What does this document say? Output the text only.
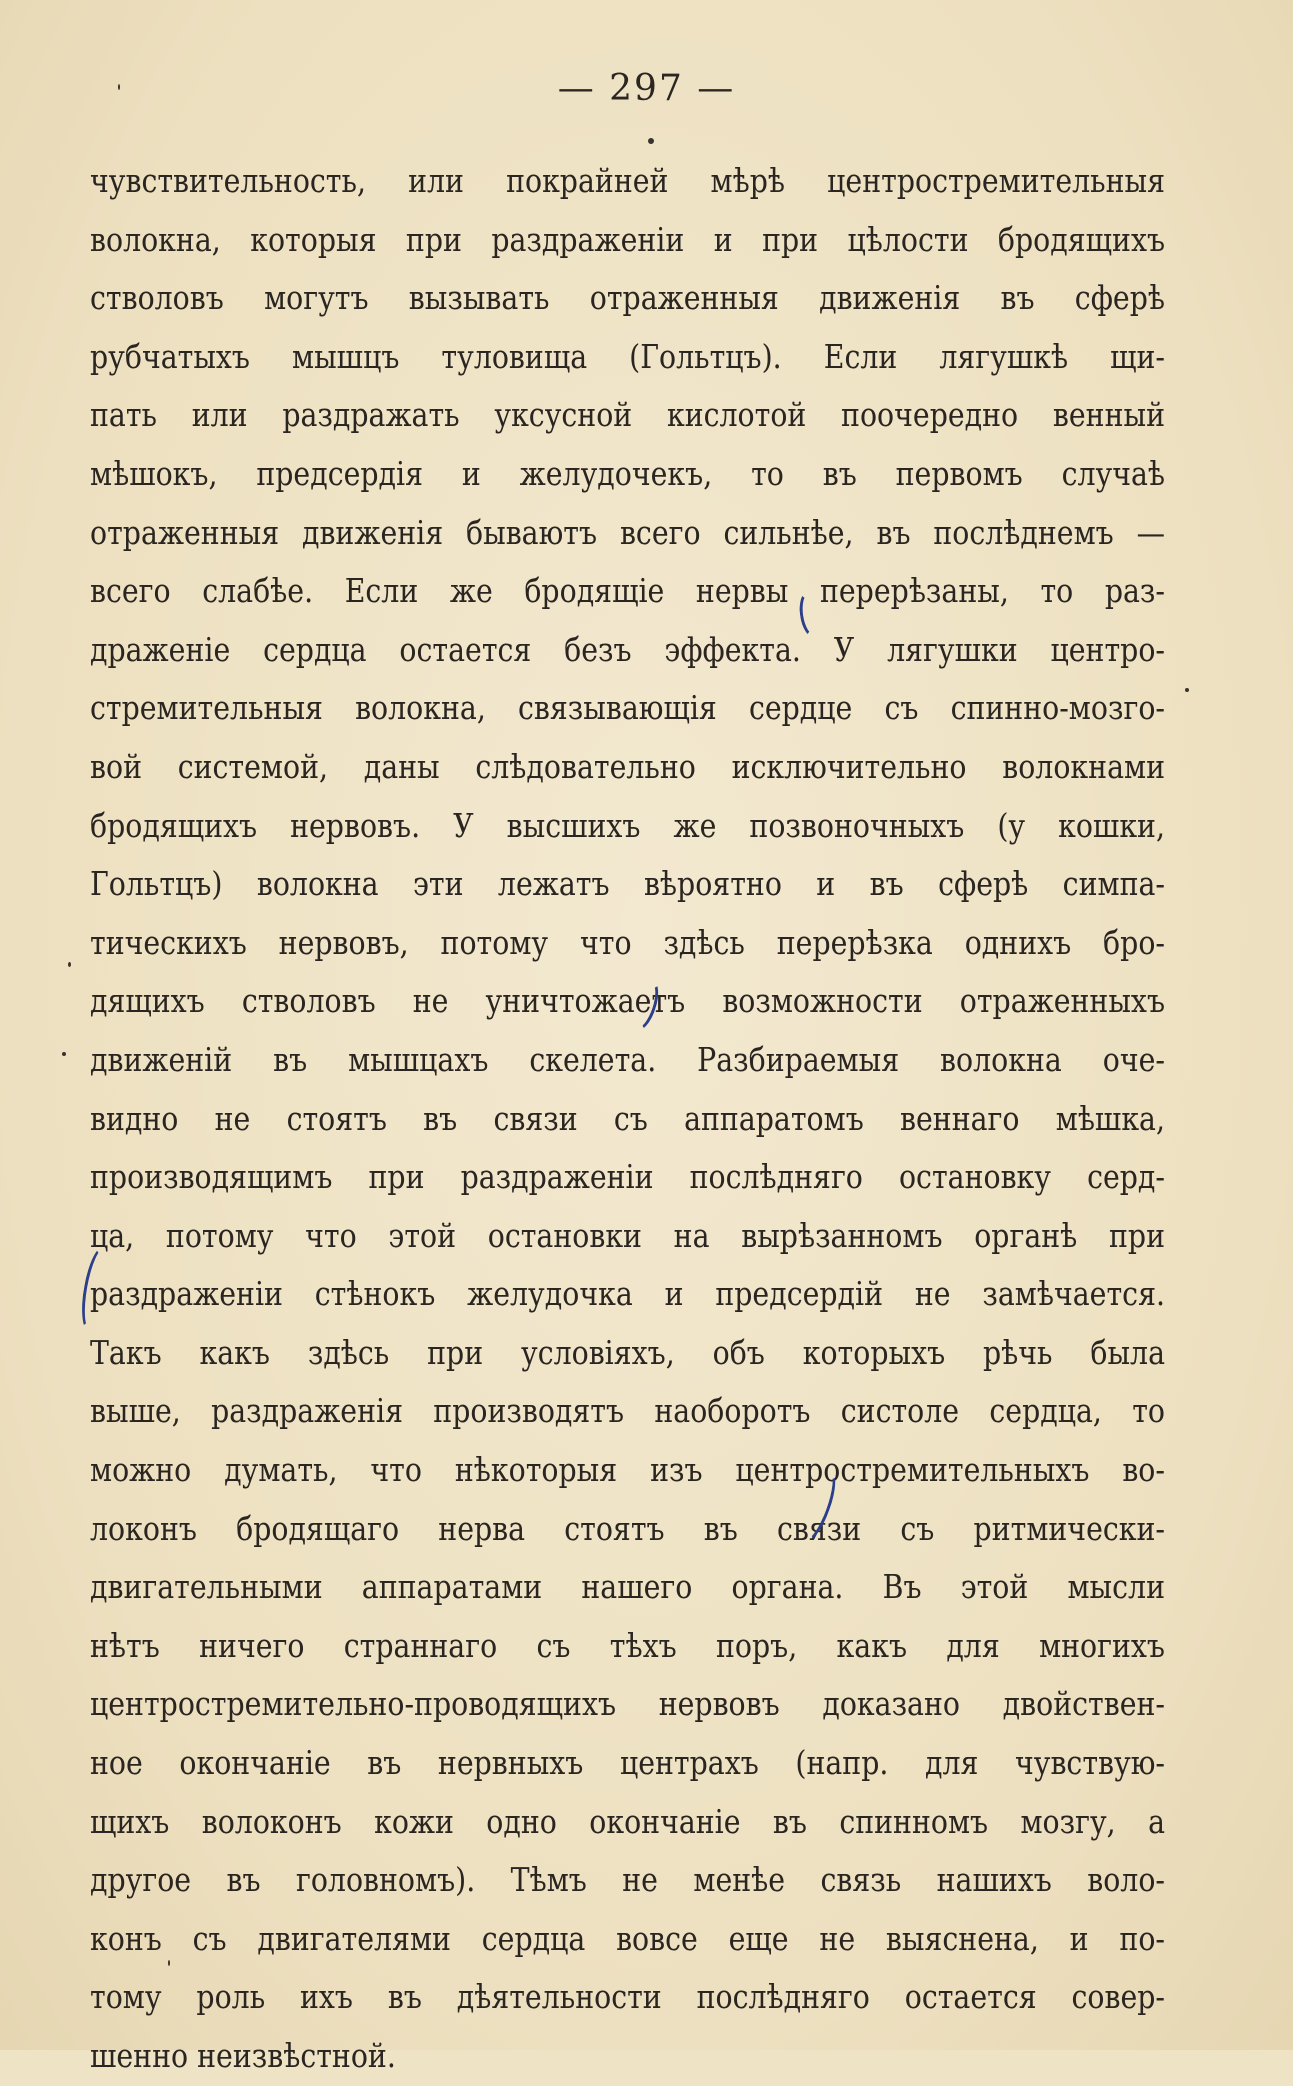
— 297 —
чувствительность, или покрайней мѣрѣ центростремительныя
волокна, которыя при раздраженiи и при цѣлости бродящихъ
стволовъ могутъ вызывать отраженныя движенiя въ сферѣ
рубчатыхъ мышцъ туловища (Гольтцъ). Если лягушкѣ щи-
пать или раздражать уксусной кислотой поочередно венный
мѣшокъ, предсердiя и желудочекъ, то въ первомъ случаѣ
отраженныя движенiя бываютъ всего сильнѣе, въ послѣднемъ —
всего слабѣе. Если же бродящiе нервы перерѣзаны, то раз-
драженiе сердца остается безъ эффекта. У лягушки центро-
стремительныя волокна, связывающiя сердце съ спинно-мозго-
вой системой, даны слѣдовательно исключительно волокнами
бродящихъ нервовъ. У высшихъ же позвоночныхъ (у кошки,
Гольтцъ) волокна эти лежатъ вѣроятно и въ сферѣ симпа-
тическихъ нервовъ, потому что здѣсь перерѣзка однихъ бро-
дящихъ стволовъ не уничтожаетъ возможности отраженныхъ
движенiй въ мышцахъ скелета. Разбираемыя волокна оче-
видно не стоятъ въ связи съ аппаратомъ веннаго мѣшка,
производящимъ при раздраженiи послѣдняго остановку серд-
ца, потому что этой остановки на вырѣзанномъ органѣ при
раздраженiи стѣнокъ желудочка и предсердiй не замѣчается.
Такъ какъ здѣсь при условiяхъ, объ которыхъ рѣчь была
выше, раздраженiя производятъ наоборотъ систоле сердца, то
можно думать, что нѣкоторыя изъ центростремительныхъ во-
локонъ бродящаго нерва стоятъ въ связи съ ритмически-
двигательными аппаратами нашего органа. Въ этой мысли
нѣтъ ничего страннаго съ тѣхъ поръ, какъ для многихъ
центростремительно-проводящихъ нервовъ доказано двойствен-
ное окончанiе въ нервныхъ центрахъ (напр. для чувствую-
щихъ волоконъ кожи одно окончанiе въ спинномъ мозгу, а
другое въ головномъ). Тѣмъ не менѣе связь нашихъ воло-
конъ съ двигателями сердца вовсе еще не выяснена, и по-
тому роль ихъ въ дѣятельности послѣдняго остается совер-
шенно неизвѣстной.
